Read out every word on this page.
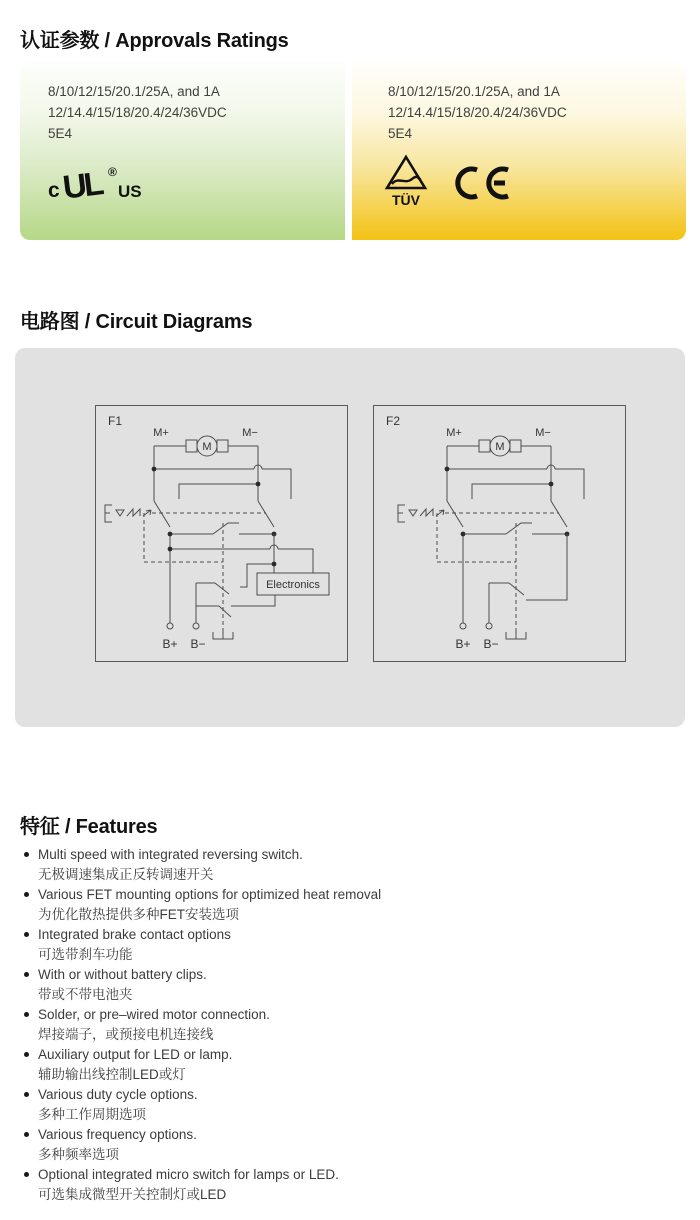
认证参数 / Approvals Ratings
8/10/12/15/20.1/25A, and 1A
12/14.4/15/18/20.4/24/36VDC
5E4
c UL ®
US
8/10/12/15/20.1/25A, and 1A
12/14.4/15/18/20.4/24/36VDC
5E4
TÜV
电路图 / Circuit Diagrams
F1
M+	M−
M
B+ B−
Electronics
F2
M+	M−
M
B+ B−
特征 / Features
Multi speed with integrated reversing switch.
无极调速集成正反转调速开关
Various FET mounting options for optimized heat removal
为优化散热提供多种FET安装选项
Integrated brake contact options
可选带刹车功能
With or without battery clips.
带或不带电池夹
Solder, or pre–wired motor connection.
焊接端子，或预接电机连接线
Auxiliary output for LED or lamp.
辅助输出线控制LED或灯
Various duty cycle options.
多种工作周期选项
Various frequency options.
多种频率选项
Optional integrated micro switch for lamps or LED.
可选集成微型开关控制灯或LED
